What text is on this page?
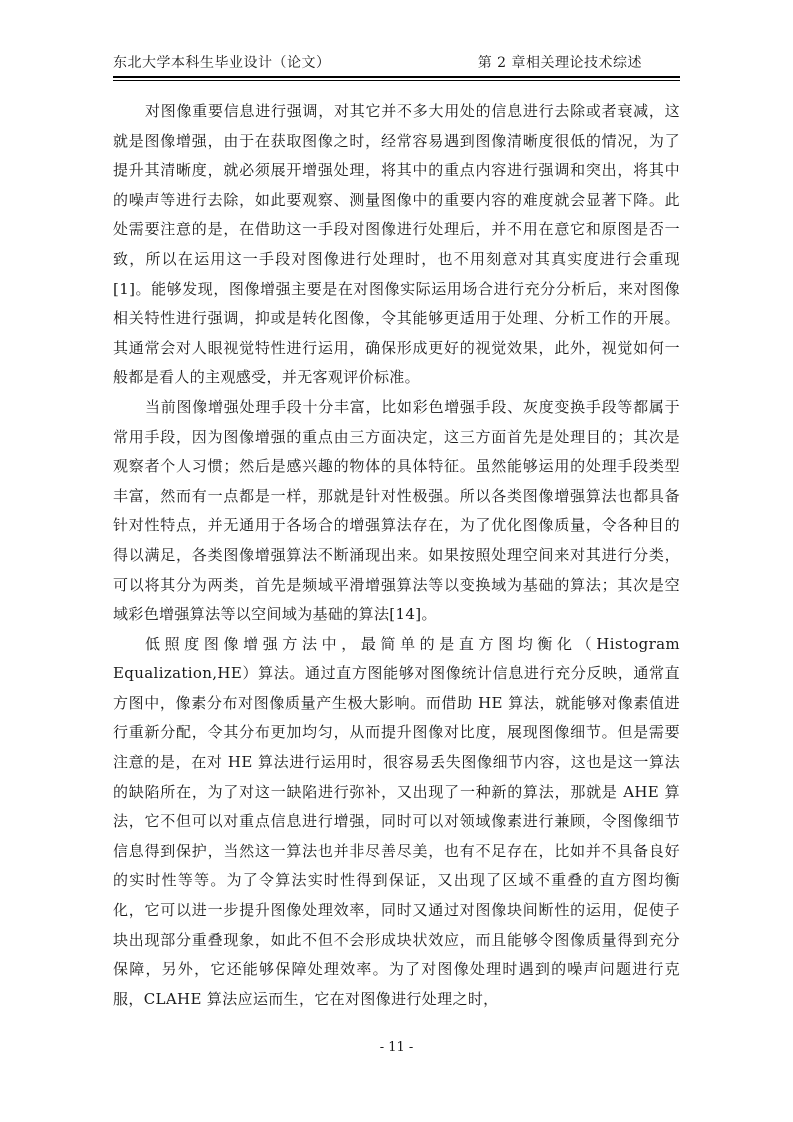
东北大学本科生毕业设计（论文）	第 2 章相关理论技术综述

对图像重要信息进行强调，对其它并不多大用处的信息进行去除或者衰减，这就是图像增强，由于在获取图像之时，经常容易遇到图像清晰度很低的情况，为了提升其清晰度，就必须展开增强处理，将其中的重点内容进行强调和突出，将其中的噪声等进行去除，如此要观察、测量图像中的重要内容的难度就会显著下降。此处需要注意的是，在借助这一手段对图像进行处理后，并不用在意它和原图是否一致，所以在运用这一手段对图像进行处理时，也不用刻意对其真实度进行会重现[1]。能够发现，图像增强主要是在对图像实际运用场合进行充分分析后，来对图像相关特性进行强调，抑或是转化图像，令其能够更适用于处理、分析工作的开展。其通常会对人眼视觉特性进行运用，确保形成更好的视觉效果，此外，视觉如何一般都是看人的主观感受，并无客观评价标准。

当前图像增强处理手段十分丰富，比如彩色增强手段、灰度变换手段等都属于常用手段，因为图像增强的重点由三方面决定，这三方面首先是处理目的；其次是观察者个人习惯；然后是感兴趣的物体的具体特征。虽然能够运用的处理手段类型丰富，然而有一点都是一样，那就是针对性极强。所以各类图像增强算法也都具备针对性特点，并无通用于各场合的增强算法存在，为了优化图像质量，令各种目的得以满足，各类图像增强算法不断涌现出来。如果按照处理空间来对其进行分类，可以将其分为两类，首先是频域平滑增强算法等以变换域为基础的算法；其次是空域彩色增强算法等以空间域为基础的算法[14]。

低照度图像增强方法中，最简单的是直方图均衡化（Histogram Equalization,HE）算法。通过直方图能够对图像统计信息进行充分反映，通常直方图中，像素分布对图像质量产生极大影响。而借助 HE 算法，就能够对像素值进行重新分配，令其分布更加均匀，从而提升图像对比度，展现图像细节。但是需要注意的是，在对 HE 算法进行运用时，很容易丢失图像细节内容，这也是这一算法的缺陷所在，为了对这一缺陷进行弥补，又出现了一种新的算法，那就是 AHE 算法，它不但可以对重点信息进行增强，同时可以对领域像素进行兼顾，令图像细节信息得到保护，当然这一算法也并非尽善尽美，也有不足存在，比如并不具备良好的实时性等等。为了令算法实时性得到保证，又出现了区域不重叠的直方图均衡化，它可以进一步提升图像处理效率，同时又通过对图像块间断性的运用，促使子块出现部分重叠现象，如此不但不会形成块状效应，而且能够令图像质量得到充分保障，另外，它还能够保障处理效率。为了对图像处理时遇到的噪声问题进行克服，CLAHE 算法应运而生，它在对图像进行处理之时，

- 11 -
